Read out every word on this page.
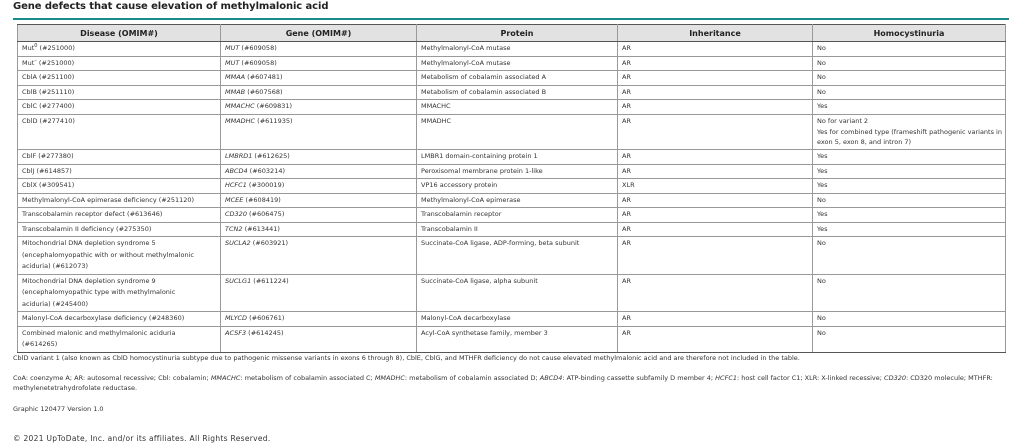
Gene defects that cause elevation of methylmalonic acid
Disease (OMIM#)	Gene (OMIM#)	Protein	Inheritance	Homocystinuria

Mut$^0$ (#251000)	MUT (#609058)	Methylmalonyl-CoA mutase	AR	No

Mut– (#251000)	MUT (#609058)	Methylmalonyl-CoA mutase	AR	No

CblA (#251100)	MMAA (#607481)	Metabolism of cobalamin associated A	AR	No

CblB (#251110)	MMAB (#607568)	Metabolism of cobalamin associated B	AR	No

CblC (#277400)	MMACHC (#609831)	MMACHC	AR	Yes

CblD (#277410)	MMADHC (#611935)	MMADHC	AR	No for variant 2

Yes for combined type (frameshift pathogenic variants in exon 5, exon 8, and intron 7)

CblF (#277380)	LMBRD1 (#612625)	LMBR1 domain-containing protein 1	AR	Yes

CblJ (#614857)	ABCD4 (#603214)	Peroxisomal membrane protein 1-like	AR	Yes

CblX (#309541)	HCFC1 (#300019)	VP16 accessory protein	XLR	Yes

Methylmalonyl-CoA epimerase deficiency (#251120)	MCEE (#608419)	Methylmalonyl-CoA epimerase	AR	No

Transcobalamin receptor defect (#613646)	CD320 (#606475)	Transcobalamin receptor	AR	Yes

Transcobalamin II deficiency (#275350)	TCN2 (#613441)	Transcobalamin II	AR	Yes

Mitochondrial DNA depletion syndrome 5

(encephalomyopathic with or without methylmalonic

aciduria) (#612073)	SUCLA2 (#603921)	Succinate-CoA ligase, ADP-forming, beta subunit	AR	No

Mitochondrial DNA depletion syndrome 9

(encephalomyopathic type with methylmalonic

aciduria) (#245400)	SUCLG1 (#611224)	Succinate-CoA ligase, alpha subunit	AR	No

Malonyl-CoA decarboxylase deficiency (#248360)	MLYCD (#606761)	Malonyl-CoA decarboxylase	AR	No

Combined malonic and methylmalonic aciduria

(#614265)	ACSF3 (#614245)	Acyl-CoA synthetase family, member 3	AR	No

CblD variant 1 (also known as CblD homocystinuria subtype due to pathogenic missense variants in exons 6 through 8), CblE, CblG, and MTHFR deficiency do not cause elevated methylmalonic acid and are therefore not included in the table.
CoA: coenzyme A; AR: autosomal recessive; Cbl: cobalamin; MMACHC: metabolism of cobalamin associated C; MMADHC: metabolism of cobalamin associated D; ABCD4: ATP-binding cassette subfamily D member 4; HCFC1: host cell factor C1; XLR: X-linked recessive; CD320: CD320 molecule; MTHFR: methylenetetrahydrofolate reductase.
Graphic 120477 Version 1.0
© 2021 UpToDate, Inc. and/or its affiliates. All Rights Reserved.
